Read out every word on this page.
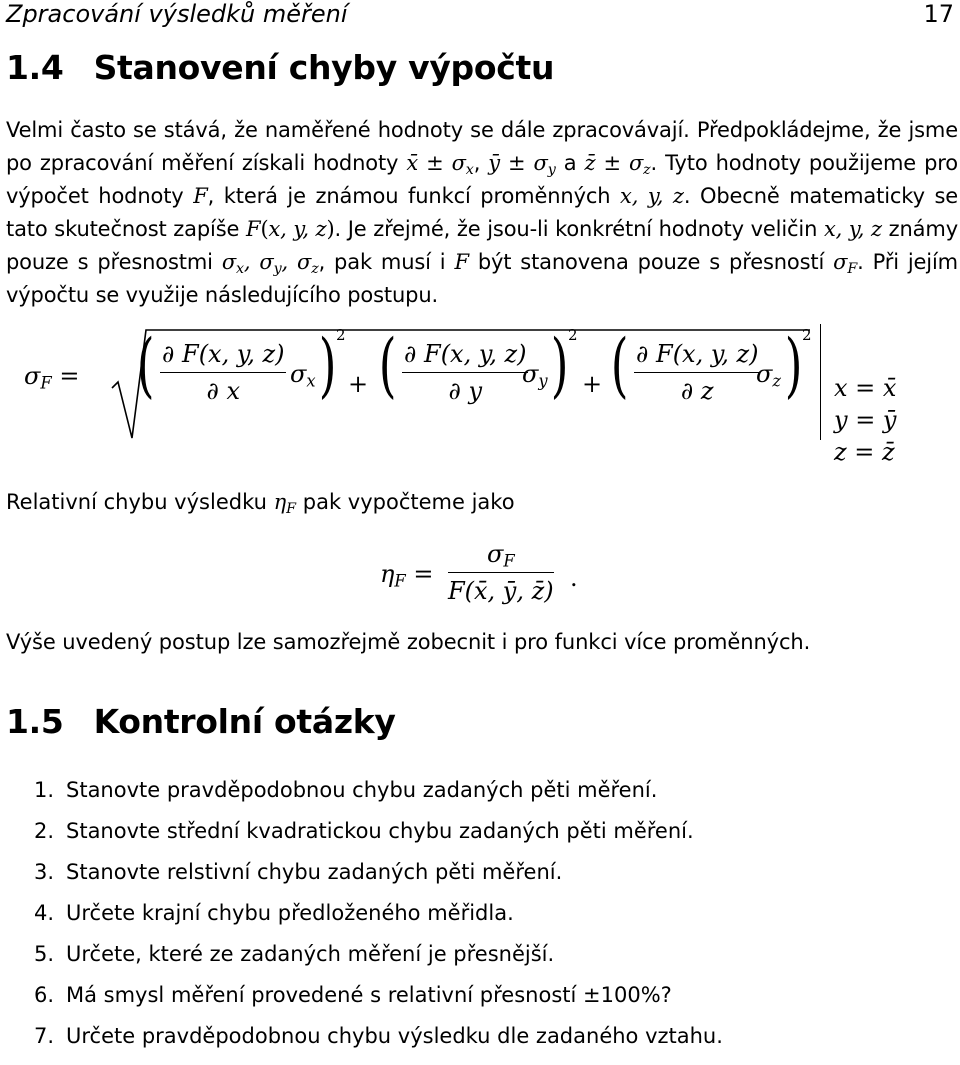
Zpracování výsledků měření	17
1.4 Stanovení chyby výpočtu

Velmi často se stává, že naměřené hodnoty se dále zpracovávají. Předpokládejme, že jsme po zpracování měření získali hodnoty x̄ ± $\sigma_x$, ȳ ± $\sigma_y$ a z̄ ± $\sigma_z$. Tyto hodnoty použijeme pro výpočet hodnoty F, která je známou funkcí proměnných x, y, z. Obecně matematicky se tato skutečnost zapíše F(x, y, z). Je zřejmé, že jsou-li konkrétní hodnoty veličin x, y, z známy pouze s přesnostmi $\sigma_x$, $\sigma_y$, $\sigma_z$, pak musí i F být stanovena pouze s přesností $\sigma_F$. Při jejím výpočtu se využije následujícího postupu.

$\sigma_F$ = ( $\frac{\partial F(x, y, z)}{\partial x} \sigma_x$ ) 2
+ ( $\frac{\partial F(x, y, z)}{\partial y}$
$\sigma_y$ ) 2
+ ( $\frac{\partial F(x, y, z)}{\partial z}$
$\sigma_z$ ) 2
x = x̄
y = ȳ
z = z̄

Relativní chybu výsledku $\eta_F$ pak vypočteme jako

$\eta_F = \frac{\sigma_F}{F(x̄, ȳ, z̄)}$ .

Výše uvedený postup lze samozřejmě zobecnit i pro funkci více proměnných.

1.5 Kontrolní otázky
1. Stanovte pravděpodobnou chybu zadaných pěti měření.
2. Stanovte střední kvadratickou chybu zadaných pěti měření.
3. Stanovte relstivní chybu zadaných pěti měření.
4. Určete krajní chybu předloženého měřidla.
5. Určete, které ze zadaných měření je přesnější.
6. Má smysl měření provedené s relativní přesností ±100%?
7. Určete pravděpodobnou chybu výsledku dle zadaného vztahu.
